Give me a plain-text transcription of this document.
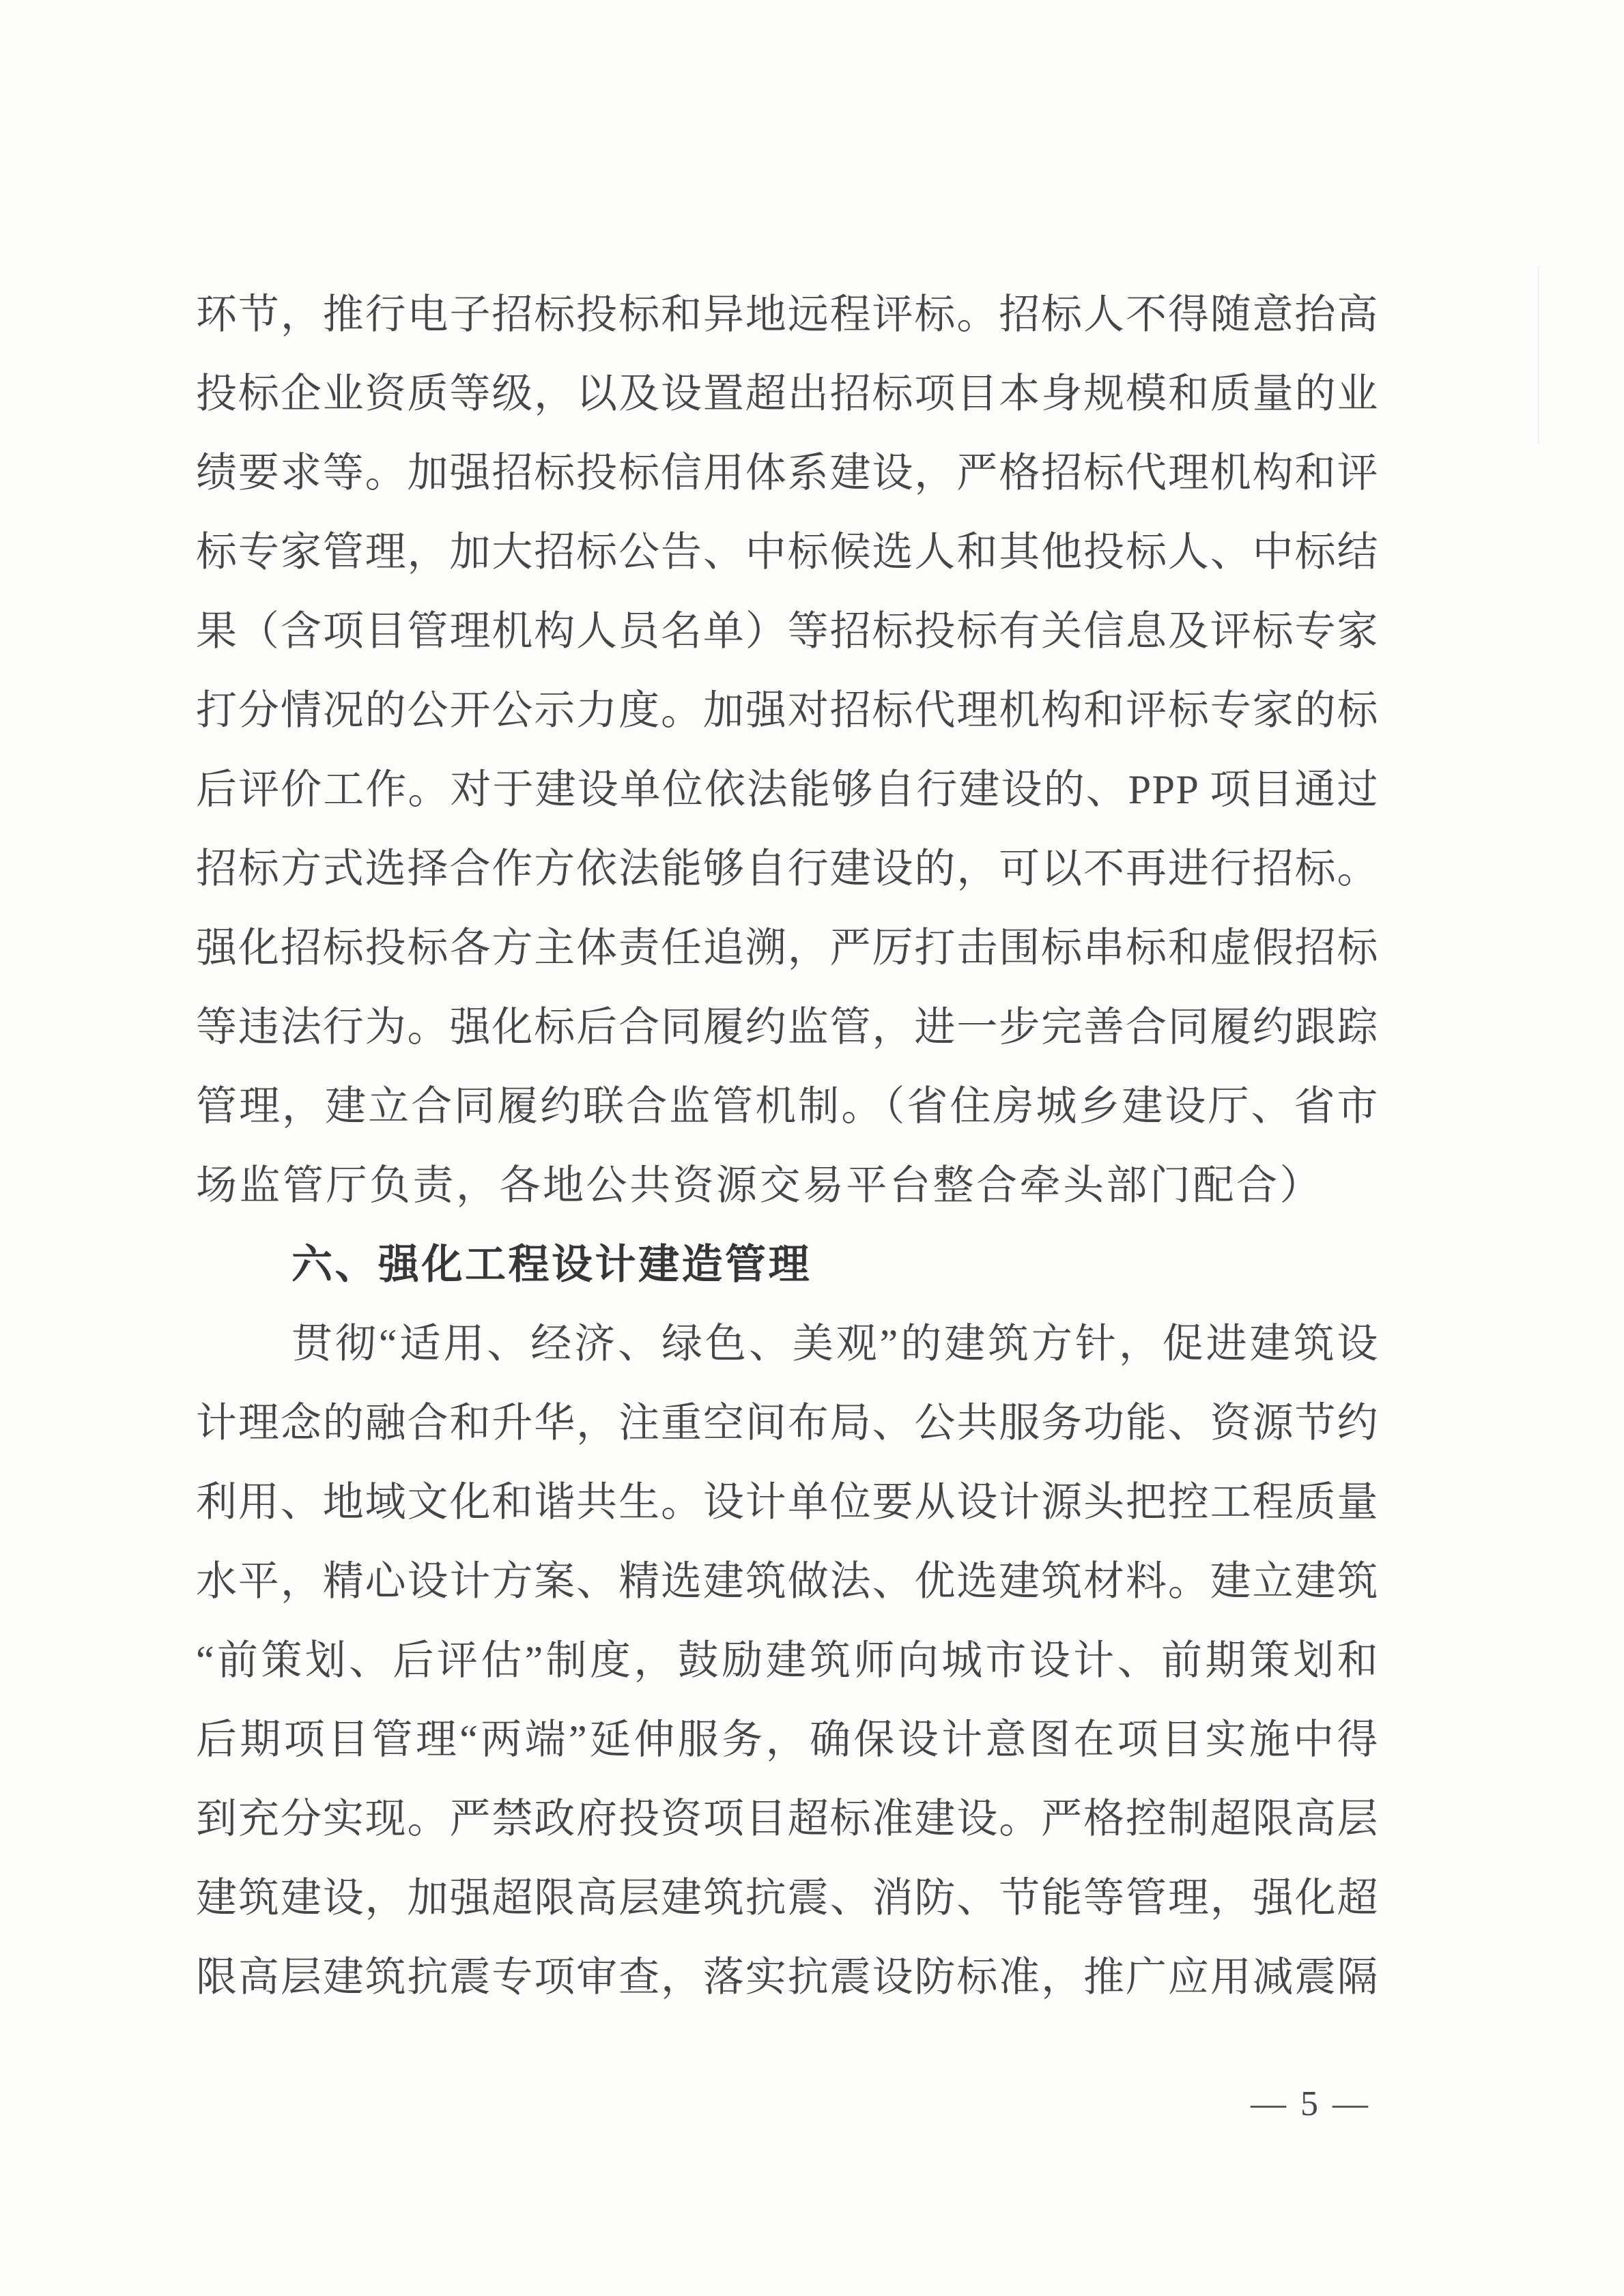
环节，推行电子招标投标和异地远程评标。招标人不得随意抬高
投标企业资质等级，以及设置超出招标项目本身规模和质量的业
绩要求等。加强招标投标信用体系建设，严格招标代理机构和评
标专家管理，加大招标公告、中标候选人和其他投标人、中标结
果（含项目管理机构人员名单）等招标投标有关信息及评标专家
打分情况的公开公示力度。加强对招标代理机构和评标专家的标
后评价工作。对于建设单位依法能够自行建设的、PPP 项目通过
招标方式选择合作方依法能够自行建设的，可以不再进行招标。
强化招标投标各方主体责任追溯，严厉打击围标串标和虚假招标
等违法行为。强化标后合同履约监管，进一步完善合同履约跟踪
管理，建立合同履约联合监管机制。（省住房城乡建设厅、省市
场监管厅负责，各地公共资源交易平台整合牵头部门配合）
六、强化工程设计建造管理
贯彻“适用、经济、绿色、美观”的建筑方针，促进建筑设
计理念的融合和升华，注重空间布局、公共服务功能、资源节约
利用、地域文化和谐共生。设计单位要从设计源头把控工程质量
水平，精心设计方案、精选建筑做法、优选建筑材料。建立建筑
“前策划、后评估”制度，鼓励建筑师向城市设计、前期策划和
后期项目管理“两端”延伸服务，确保设计意图在项目实施中得
到充分实现。严禁政府投资项目超标准建设。严格控制超限高层
建筑建设，加强超限高层建筑抗震、消防、节能等管理，强化超
限高层建筑抗震专项审查，落实抗震设防标准，推广应用减震隔
— 5 —
